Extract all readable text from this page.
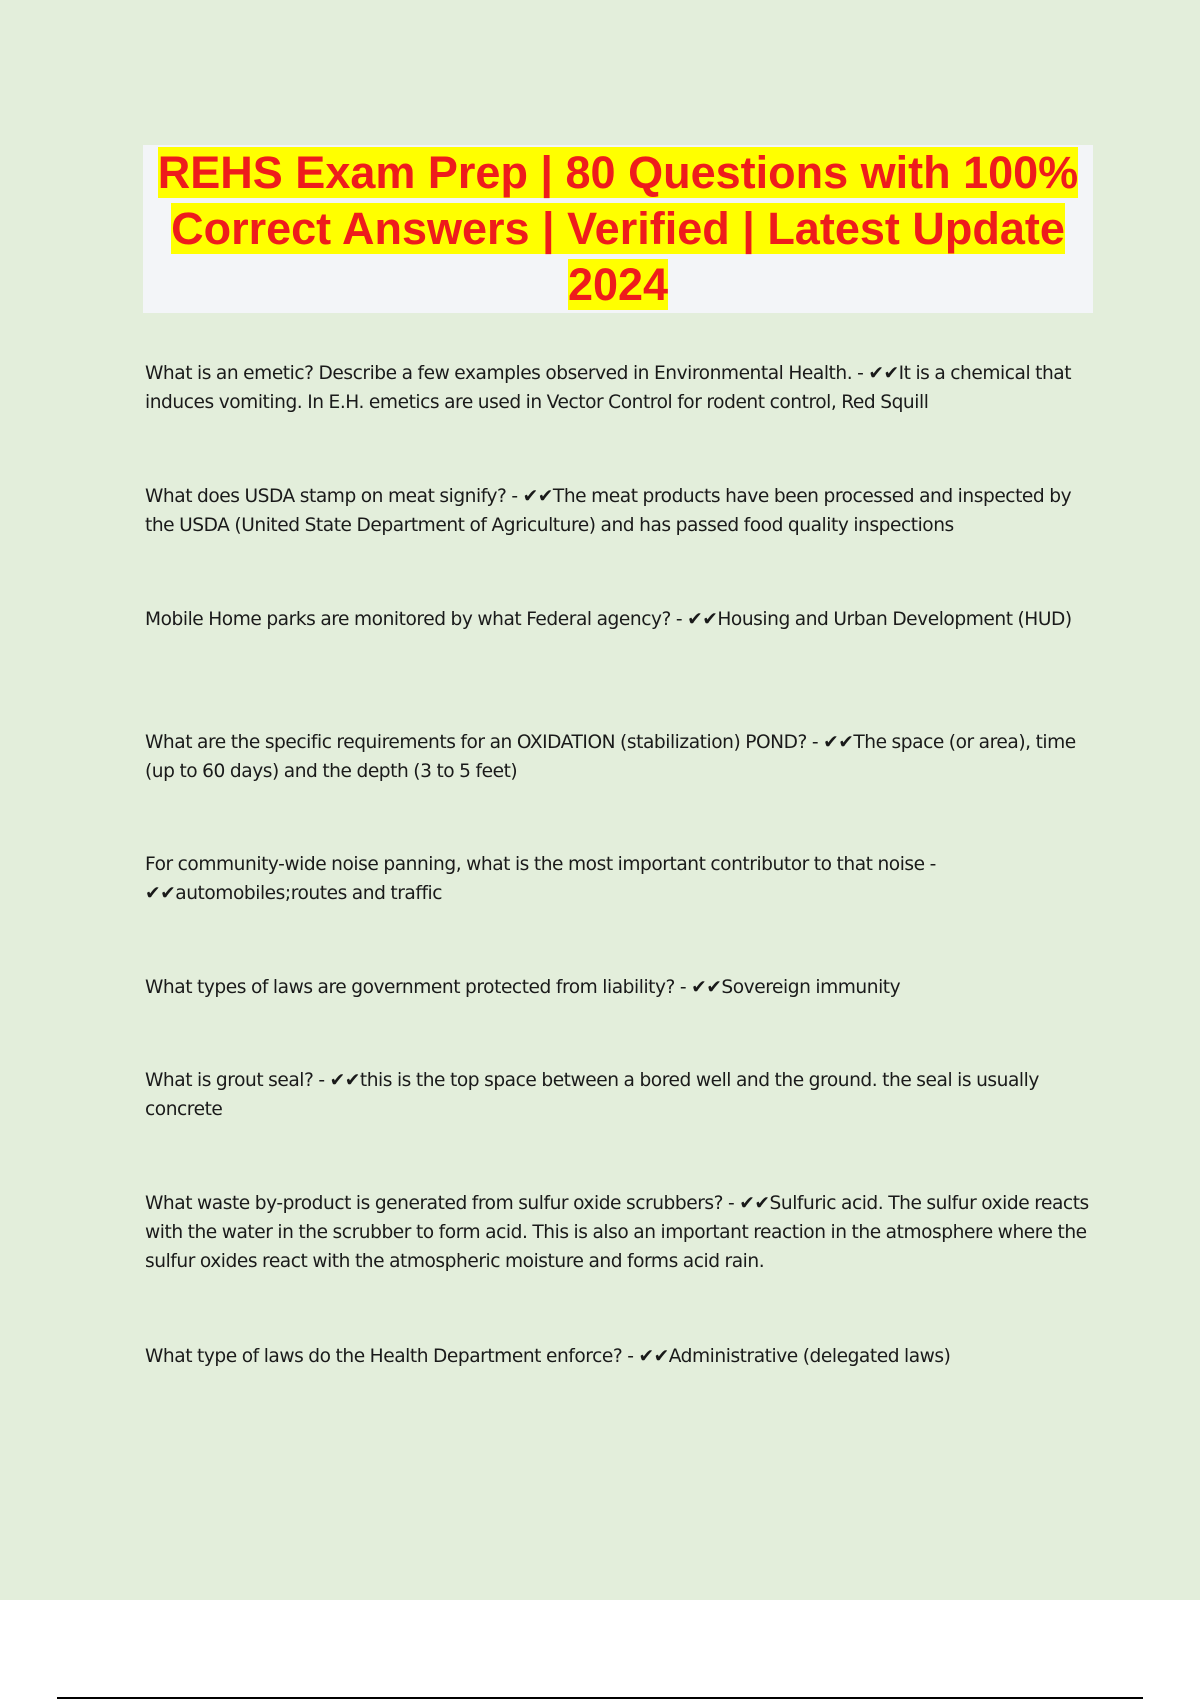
REHS Exam Prep | 80 Questions with 100% Correct Answers | Verified | Latest Update 2024

What is an emetic? Describe a few examples observed in Environmental Health. - ✔✔It is a chemical that induces vomiting. In E.H. emetics are used in Vector Control for rodent control, Red Squill

What does USDA stamp on meat signify? - ✔✔The meat products have been processed and inspected by the USDA (United State Department of Agriculture) and has passed food quality inspections

Mobile Home parks are monitored by what Federal agency? - ✔✔Housing and Urban Development (HUD)

What are the specific requirements for an OXIDATION (stabilization) POND? - ✔✔The space (or area), time (up to 60 days) and the depth (3 to 5 feet)

For community-wide noise panning, what is the most important contributor to that noise - ✔✔automobiles;routes and traffic

What types of laws are government protected from liability? - ✔✔Sovereign immunity

What is grout seal? - ✔✔this is the top space between a bored well and the ground. the seal is usually concrete

What waste by-product is generated from sulfur oxide scrubbers? - ✔✔Sulfuric acid. The sulfur oxide reacts with the water in the scrubber to form acid. This is also an important reaction in the atmosphere where the sulfur oxides react with the atmospheric moisture and forms acid rain.

What type of laws do the Health Department enforce? - ✔✔Administrative (delegated laws)
